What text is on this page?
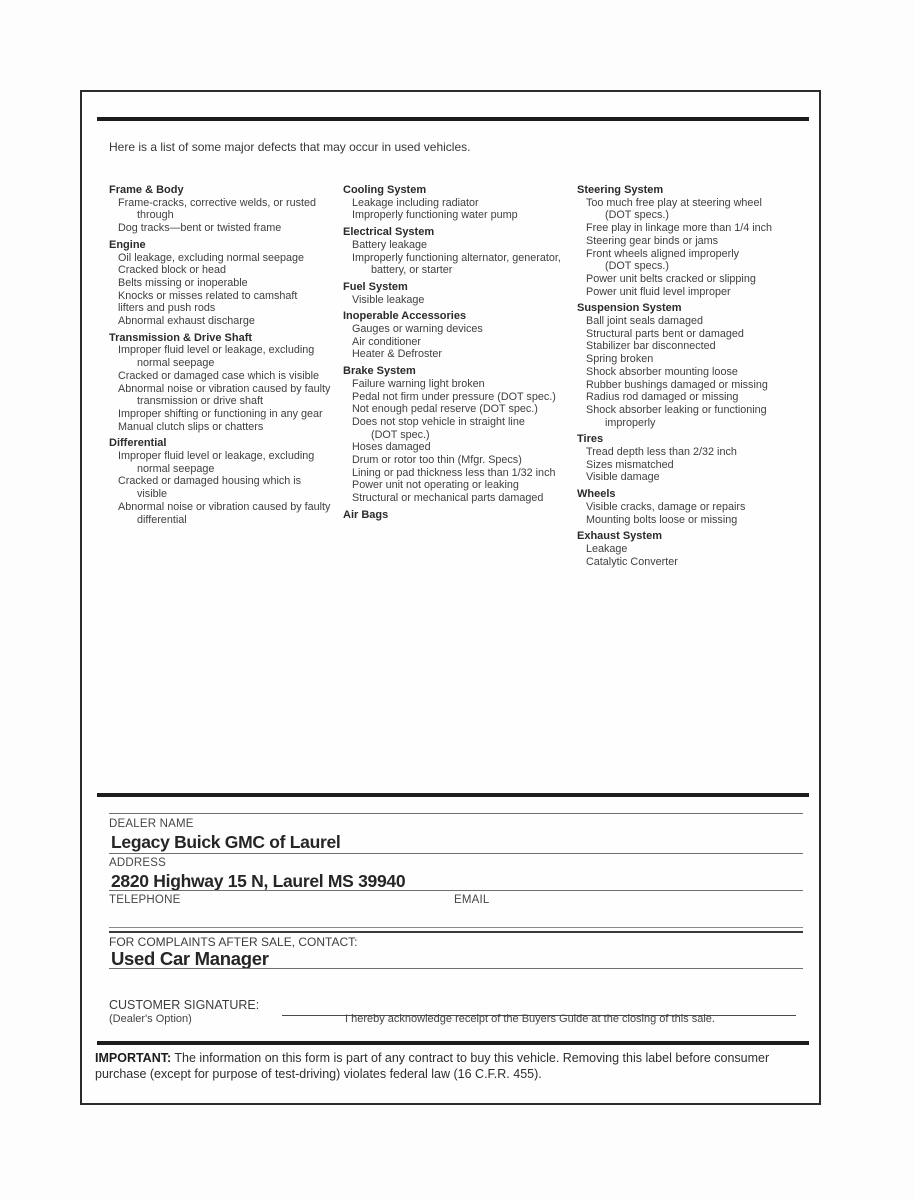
Here is a list of some major defects that may occur in used vehicles.
Frame & Body
Frame-cracks, corrective welds, or rusted
through
Dog tracks—bent or twisted frame
Engine
Oil leakage, excluding normal seepage
Cracked block or head
Belts missing or inoperable
Knocks or misses related to camshaft
lifters and push rods
Abnormal exhaust discharge
Transmission & Drive Shaft
Improper fluid level or leakage, excluding
normal seepage
Cracked or damaged case which is visible
Abnormal noise or vibration caused by faulty
transmission or drive shaft
Improper shifting or functioning in any gear
Manual clutch slips or chatters
Differential
Improper fluid level or leakage, excluding
normal seepage
Cracked or damaged housing which is
visible
Abnormal noise or vibration caused by faulty
differential
Cooling System
Leakage including radiator
Improperly functioning water pump
Electrical System
Battery leakage
Improperly functioning alternator, generator,
battery, or starter
Fuel System
Visible leakage
Inoperable Accessories
Gauges or warning devices
Air conditioner
Heater & Defroster
Brake System
Failure warning light broken
Pedal not firm under pressure (DOT spec.)
Not enough pedal reserve (DOT spec.)
Does not stop vehicle in straight line
(DOT spec.)
Hoses damaged
Drum or rotor too thin (Mfgr. Specs)
Lining or pad thickness less than 1/32 inch
Power unit not operating or leaking
Structural or mechanical parts damaged
Air Bags
Steering System
Too much free play at steering wheel
(DOT specs.)
Free play in linkage more than 1/4 inch
Steering gear binds or jams
Front wheels aligned improperly
(DOT specs.)
Power unit belts cracked or slipping
Power unit fluid level improper
Suspension System
Ball joint seals damaged
Structural parts bent or damaged
Stabilizer bar disconnected
Spring broken
Shock absorber mounting loose
Rubber bushings damaged or missing
Radius rod damaged or missing
Shock absorber leaking or functioning
improperly
Tires
Tread depth less than 2/32 inch
Sizes mismatched
Visible damage
Wheels
Visible cracks, damage or repairs
Mounting bolts loose or missing
Exhaust System
Leakage
Catalytic Converter
DEALER NAME
Legacy Buick GMC of Laurel
ADDRESS
2820 Highway 15 N, Laurel MS 39940
TELEPHONE	EMAIL
FOR COMPLAINTS AFTER SALE, CONTACT:
Used Car Manager
CUSTOMER SIGNATURE:
(Dealer's Option)	I hereby acknowledge receipt of the Buyers Guide at the closing of this sale.
IMPORTANT: The information on this form is part of any contract to buy this vehicle. Removing this label before consumer purchase (except for purpose of test-driving) violates federal law (16 C.F.R. 455).
